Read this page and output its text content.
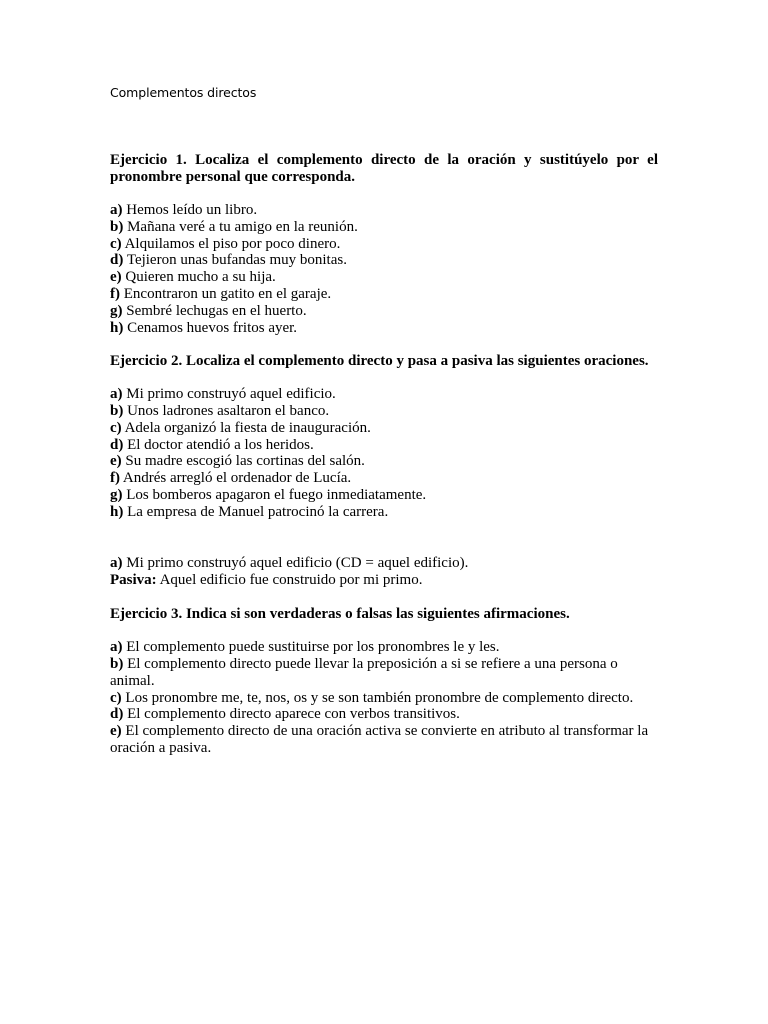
Complementos directos

Ejercicio 1. Localiza el complemento directo de la oración y sustitúyelo por el pronombre personal que corresponda.

a) Hemos leído un libro.
b) Mañana veré a tu amigo en la reunión.
c) Alquilamos el piso por poco dinero.
d) Tejieron unas bufandas muy bonitas.
e) Quieren mucho a su hija.
f) Encontraron un gatito en el garaje.
g) Sembré lechugas en el huerto.
h) Cenamos huevos fritos ayer.

Ejercicio 2. Localiza el complemento directo y pasa a pasiva las siguientes oraciones.

a) Mi primo construyó aquel edificio.
b) Unos ladrones asaltaron el banco.
c) Adela organizó la fiesta de inauguración.
d) El doctor atendió a los heridos.
e) Su madre escogió las cortinas del salón.
f) Andrés arregló el ordenador de Lucía.
g) Los bomberos apagaron el fuego inmediatamente.
h) La empresa de Manuel patrocinó la carrera.

a) Mi primo construyó aquel edificio (CD = aquel edificio).

Pasiva: Aquel edificio fue construido por mi primo.

Ejercicio 3. Indica si son verdaderas o falsas las siguientes afirmaciones.

a) El complemento puede sustituirse por los pronombres le y les.
b) El complemento directo puede llevar la preposición a si se refiere a una persona o animal.
c) Los pronombre me, te, nos, os y se son también pronombre de complemento directo.
d) El complemento directo aparece con verbos transitivos.
e) El complemento directo de una oración activa se convierte en atributo al transformar la oración a pasiva.
